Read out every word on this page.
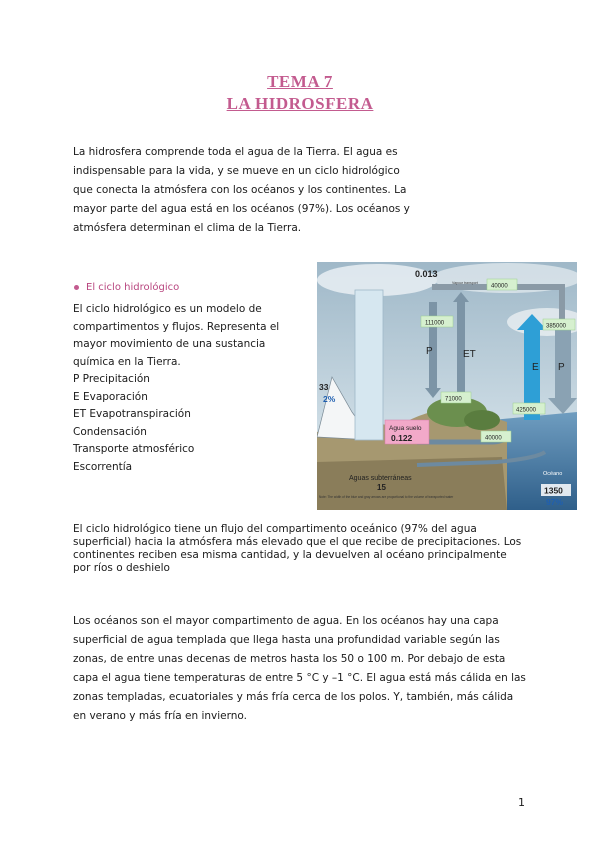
TEMA 7
LA HIDROSFERA

La hidrosfera comprende toda el agua de la Tierra. El agua es indispensable para la vida, y se mueve en un ciclo hidrológico que conecta la atmósfera con los océanos y los continentes. La mayor parte del agua está en los océanos (97%). Los océanos y atmósfera determinan el clima de la Tierra.

El ciclo hidrológico
El ciclo hidrológico es un modelo de compartimentos y flujos. Representa el mayor movimiento de una sustancia química en la Tierra.
P Precipitación
E Evaporación
ET Evapotranspiración
Condensación
Transporte atmosférico
Escorrentía
0.013
Vapour transport
40000
111000	385000
P	ET
E P
71000
425000
33
2%
Agua suelo
0.122	40000
Aguas subterráneas
15
Océano
1350
97%
Note: The width of the blue and gray arrows are proportional to the volume of transported water

El ciclo hidrológico tiene un flujo del compartimento oceánico (97% del agua superficial) hacia la atmósfera más elevado que el que recibe de precipitaciones. Los continentes reciben esa misma cantidad, y la devuelven al océano principalmente por ríos o deshielo

Los océanos son el mayor compartimento de agua. En los océanos hay una capa superficial de agua templada que llega hasta una profundidad variable según las zonas, de entre unas decenas de metros hasta los 50 o 100 m. Por debajo de esta capa el agua tiene temperaturas de entre 5 °C y –1 °C. El agua está más cálida en las zonas templadas, ecuatoriales y más fría cerca de los polos. Y, también, más cálida en verano y más fría en invierno.

1
